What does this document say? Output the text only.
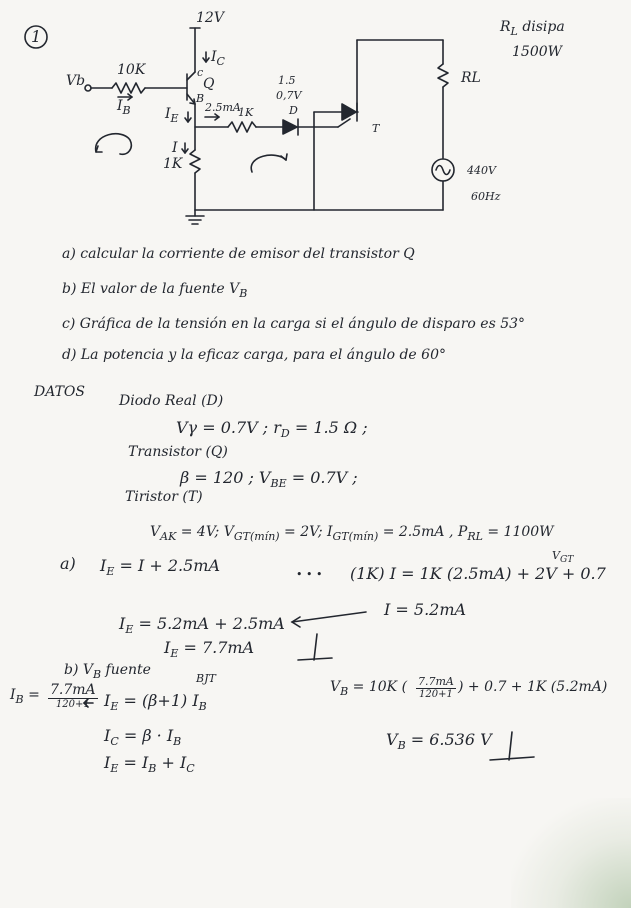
1
12V
$I_C$
c
Q
B
Vb
10K
$I_B$ $I_E$
I
1K
2.5mA
1K
1.5
0,7V
D
T
RL
$R_L$ disipa
1500W
440V
60Hz
a) calcular la corriente de emisor del transistor Q
b) El valor de la fuente $V_B$
c) Gráfica de la tensión en la carga si el ángulo de disparo es 53°
d) La potencia y la eficaz carga, para el ángulo de 60°
DATOS
Diodo Real (D)
Vγ = 0.7V ; $r_D = 1.5$ Ω ;
Transistor (Q)
β = 120 ; $V_{BE} = 0.7V$ ;
Tiristor (T)
$V_{AK} = 4V$; $V_{GT(mín)} = 2V$; $I_{GT(mín)} = 2.5mA$ , $P_{RL} = 1100W$
a) $I_E = I + 2.5mA$	• • •
$V_{GT}$
(1K) I = 1K (2.5mA) + 2V + 0.7
I = 5.2mA
$I_E = 5.2mA + 2.5mA$
$I_E = 7.7mA$
b) $V_B$ fuente
BJT
$I_B = 7.7mA$
120+1 $I_E = (\beta+1)$ $I_B$
$I_C = \beta \cdot I_B$
$I_E = I_B + I_C$
$V_B = 10K$ ( $\frac{7.7mA}{120+1}$ ) + 0.7 + 1K (5.2mA)
$V_B = 6.536$ V
